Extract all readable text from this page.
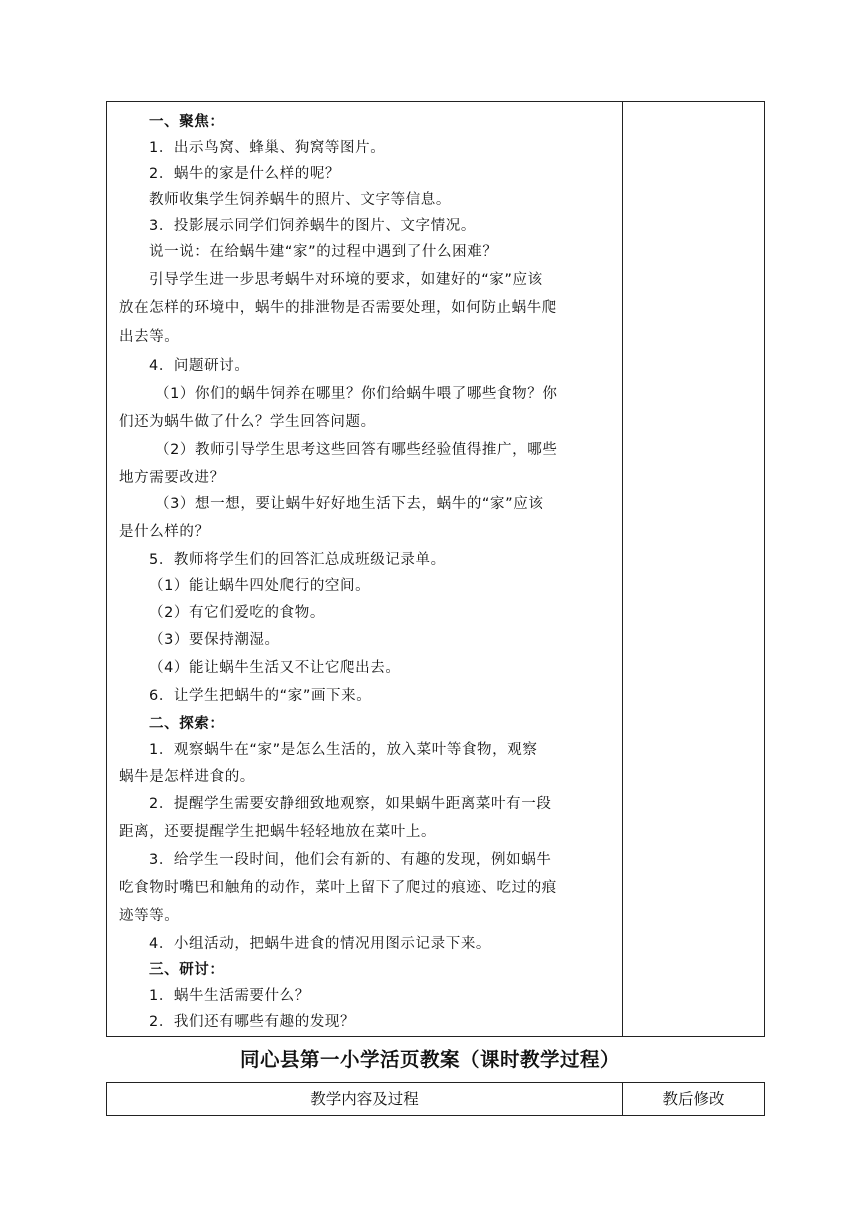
一、聚焦：
1．出示鸟窝、蜂巢、狗窝等图片。
2．蜗牛的家是什么样的呢？
教师收集学生饲养蜗牛的照片、文字等信息。
3．投影展示同学们饲养蜗牛的图片、文字情况。
说一说：在给蜗牛建“家”的过程中遇到了什么困难？
引导学生进一步思考蜗牛对环境的要求，如建好的“家”应该
放在怎样的环境中，蜗牛的排泄物是否需要处理，如何防止蜗牛爬
出去等。
4．问题研讨。
（1）你们的蜗牛饲养在哪里？你们给蜗牛喂了哪些食物？你
们还为蜗牛做了什么？学生回答问题。
（2）教师引导学生思考这些回答有哪些经验值得推广，哪些
地方需要改进？
（3）想一想，要让蜗牛好好地生活下去，蜗牛的“家”应该
是什么样的？
5．教师将学生们的回答汇总成班级记录单。
（1）能让蜗牛四处爬行的空间。
（2）有它们爱吃的食物。
（3）要保持潮湿。
（4）能让蜗牛生活又不让它爬出去。
6．让学生把蜗牛的“家”画下来。
二、探索：
1．观察蜗牛在“家”是怎么生活的，放入菜叶等食物，观察
蜗牛是怎样进食的。
2．提醒学生需要安静细致地观察，如果蜗牛距离菜叶有一段
距离，还要提醒学生把蜗牛轻轻地放在菜叶上。
3．给学生一段时间，他们会有新的、有趣的发现，例如蜗牛
吃食物时嘴巴和触角的动作，菜叶上留下了爬过的痕迹、吃过的痕
迹等等。
4．小组活动，把蜗牛进食的情况用图示记录下来。
三、研讨：
1．蜗牛生活需要什么？
2．我们还有哪些有趣的发现？
同心县第一小学活页教案（课时教学过程）
教学内容及过程	教后修改
